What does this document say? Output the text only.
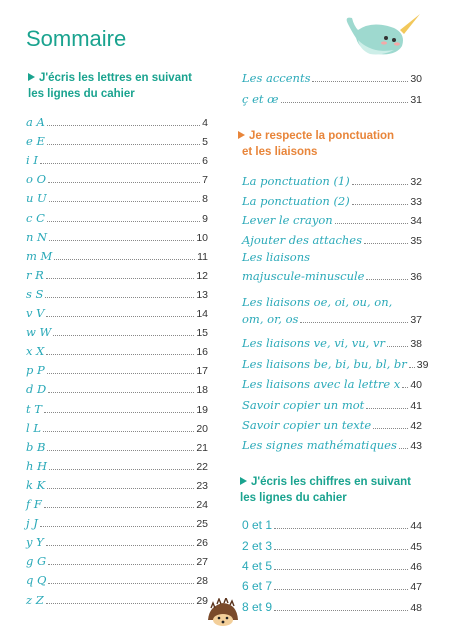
Sommaire
J'écris les lettres en suivant
les lignes du cahier
a A	4
e E	5
i I	6
o O	7
u U	8
c C	9
n N	10
m M	11
r R	12
s S	13
v V	14
w W	15
x X	16
p P	17
d D	18
t T	19
l L	20
b B	21
h H	22
k K	23
f F	24
j J	25
y Y	26
g G	27
q Q	28
z Z	29
Les accents	30
ç et œ	31
Je respecte la ponctuation
et les liaisons
La ponctuation (1)	32
La ponctuation (2)	33
Lever le crayon	34
Ajouter des attaches	35
Les liaisons
majuscule-minuscule	36
Les liaisons oe, oi, ou, on,
om, or, os	37
Les liaisons ve, vi, vu, vr 38
Les liaisons be, bi, bu, bl, br 39
Les liaisons avec la lettre x 40
Savoir copier un mot	41
Savoir copier un texte	42
Les signes mathématiques 43
J'écris les chiffres en suivant
les lignes du cahier
0 et 1	44
2 et 3	45
4 et 5	46
6 et 7	47
8 et 9	48
